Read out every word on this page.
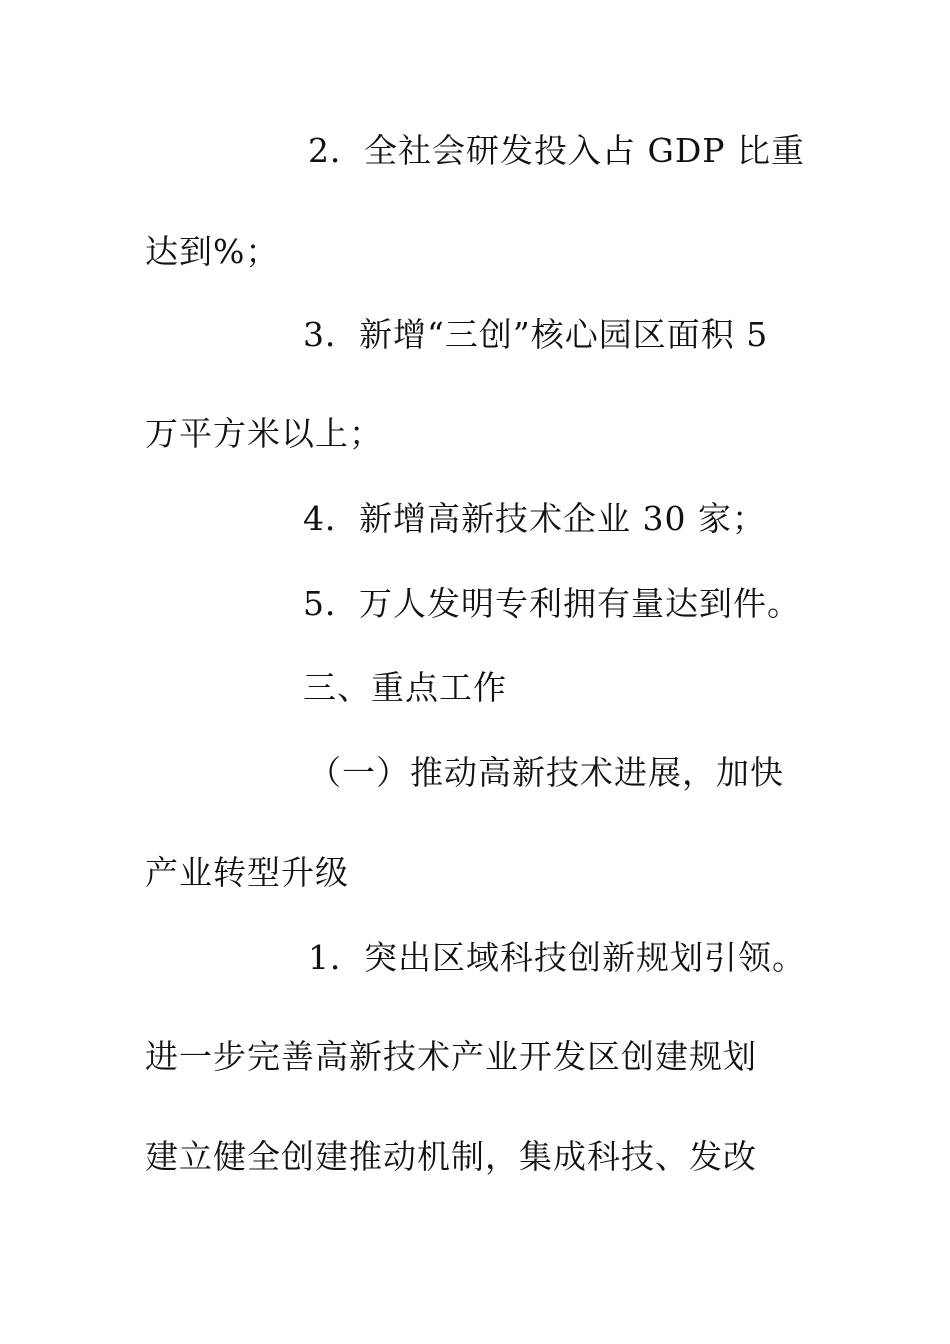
2．全社会研发投入占 GDP 比重
达到%；
3．新增“三创”核心园区面积 5
万平方米以上；
4．新增高新技术企业 30 家；
5．万人发明专利拥有量达到件。
三、重点工作
（一）推动高新技术进展，加快
产业转型升级
1．突出区域科技创新规划引领。
进一步完善高新技术产业开发区创建规划
建立健全创建推动机制，集成科技、发改
